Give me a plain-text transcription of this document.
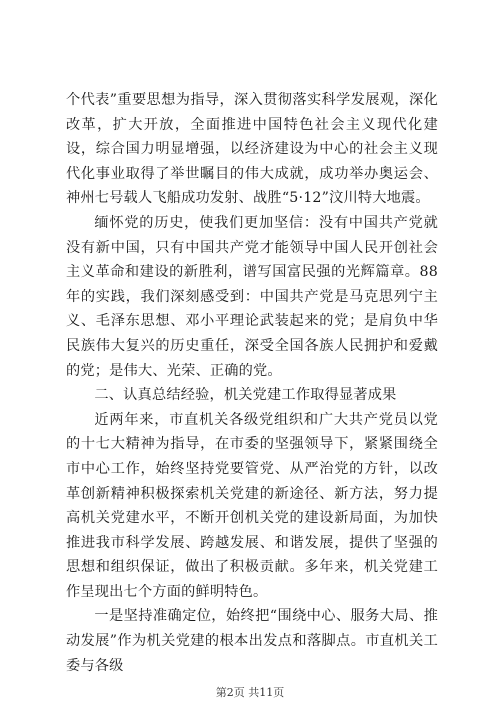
个代表”重要思想为指导，深入贯彻落实科学发展观，深化改革，扩大开放，全面推进中国特色社会主义现代化建设，综合国力明显增强，以经济建设为中心的社会主义现代化事业取得了举世瞩目的伟大成就，成功举办奥运会、神州七号载人飞船成功发射、战胜“5·12”汶川特大地震。

缅怀党的历史，使我们更加坚信：没有中国共产党就没有新中国，只有中国共产党才能领导中国人民开创社会主义革命和建设的新胜利，谱写国富民强的光辉篇章。88年的实践，我们深刻感受到：中国共产党是马克思列宁主义、毛泽东思想、邓小平理论武装起来的党；是肩负中华民族伟大复兴的历史重任，深受全国各族人民拥护和爱戴的党；是伟大、光荣、正确的党。

二、认真总结经验，机关党建工作取得显著成果

近两年来，市直机关各级党组织和广大共产党员以党的十七大精神为指导，在市委的坚强领导下，紧紧围绕全市中心工作，始终坚持党要管党、从严治党的方针，以改革创新精神积极探索机关党建的新途径、新方法，努力提高机关党建水平，不断开创机关党的建设新局面，为加快推进我市科学发展、跨越发展、和谐发展，提供了坚强的思想和组织保证，做出了积极贡献。多年来，机关党建工作呈现出七个方面的鲜明特色。

一是坚持准确定位，始终把“围绕中心、服务大局、推动发展”作为机关党建的根本出发点和落脚点。市直机关工委与各级

第2页 共11页
